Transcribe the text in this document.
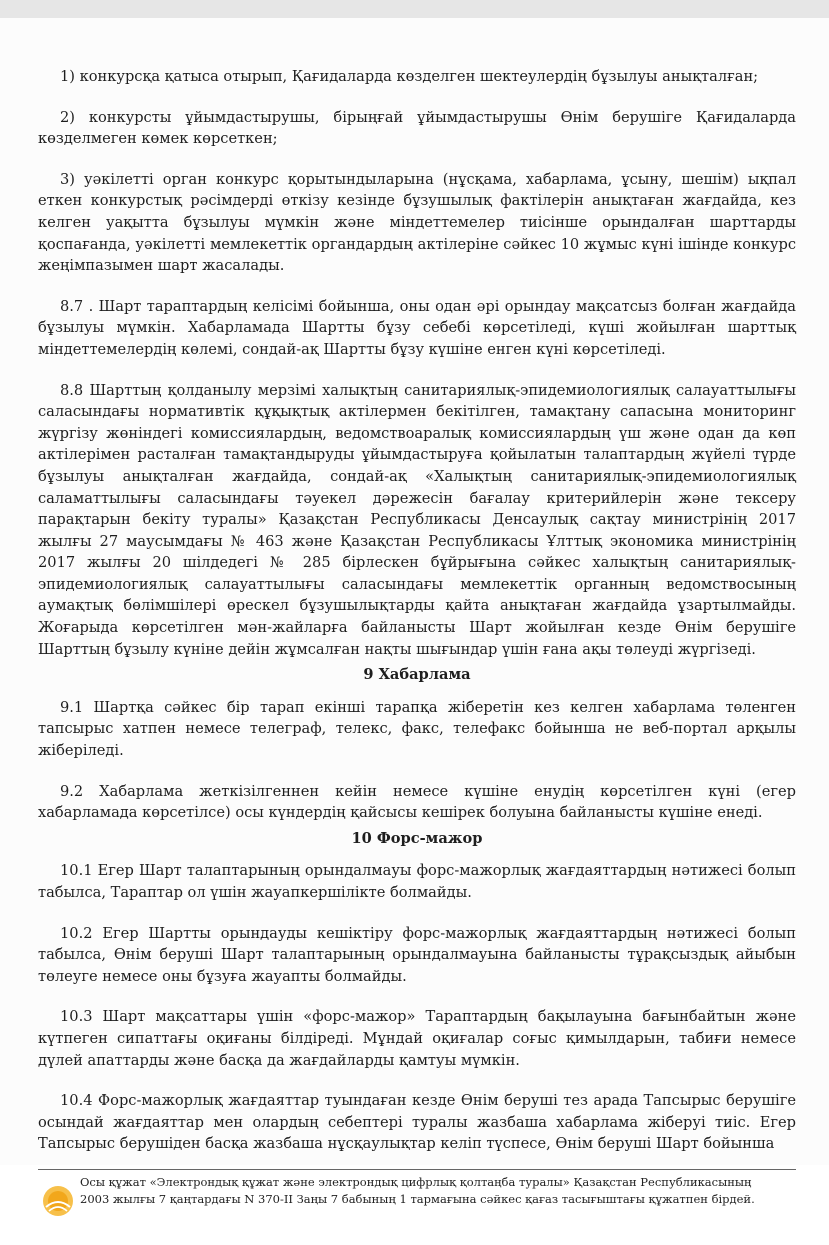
1) конкурсқа қатыса отырып, Қағидаларда көзделген шектеулердің бұзылуы анықталған;

2) конкурсты ұйымдастырушы, бірыңғай ұйымдастырушы Өнім берушіге Қағидаларда көзделмеген көмек көрсеткен;

3) уәкiлеттi орган конкурс қорытындыларына (нұсқама, хабарлама, ұсыну, шешім) ықпал еткен конкурстық рәсімдерді өткізу кезінде бұзушылық фактілерін анықтаған жағдайда, кез келген уақытта бұзылуы мүмкін және міндеттемелер тиісінше орындалған шарттарды қоспағанда, уәкілетті мемлекеттік органдардың актілеріне сәйкес 10 жұмыс күні ішінде конкурс жеңімпазымен шарт жасалады.

8.7 . Шарт тараптардың келісімі бойынша, оны одан әрі орындау мақсатсыз болған жағдайда бұзылуы мүмкін. Хабарламада Шартты бұзу себебі көрсетіледі, күші жойылған шарттық міндеттемелердің көлемі, сондай-ақ Шартты бұзу күшіне енген күні көрсетіледі.

8.8 Шарттың қолданылу мерзімі халықтың санитариялық-эпидемиологиялық салауаттылығы саласындағы нормативтік құқықтық актілермен бекітілген, тамақтану сапасына мониторинг жүргізу жөніндегі комиссиялардың, ведомствоаралық комиссиялардың үш және одан да көп актілерімен расталған тамақтандыруды ұйымдастыруға қойылатын талаптардың жүйелі түрде бұзылуы анықталған жағдайда, сондай-ақ «Халықтың санитариялық-эпидемиологиялық саламаттылығы саласындағы тәуекел дәрежесін бағалау критерийлерін және тексеру парақтарын бекіту туралы» Қазақстан Республикасы Денсаулық сақтау министрінің 2017 жылғы 27 маусымдағы № 463 және Қазақстан Республикасы Ұлттық экономика министрінің 2017 жылғы 20 шілдедегі № 285 бірлескен бұйрығына сәйкес халықтың санитариялық-эпидемиологиялық салауаттылығы саласындағы мемлекеттік органның ведомствосының аумақтық бөлімшілері өрескел бұзушылықтарды қайта анықтаған жағдайда ұзартылмайды. Жоғарыда көрсетілген мән-жайларға байланысты Шарт жойылған кезде Өнім берушіге Шарттың бұзылу күніне дейін жұмсалған нақты шығындар үшін ғана ақы төлеуді жүргізеді.

9 Хабарлама

9.1 Шартқа сәйкес бір тарап екінші тарапқа жіберетін кез келген хабарлама төленген тапсырыс хатпен немесе телеграф, телекс, факс, телефакс бойынша не веб-портал арқылы жіберіледі.

9.2 Хабарлама жеткізілгеннен кейін немесе күшіне енудің көрсетілген күні (егер хабарламада көрсетілсе) осы күндердің қайсысы кешірек болуына байланысты күшіне енеді.

10 Форс-мажор

10.1 Егер Шарт талаптарының орындалмауы форс-мажорлық жағдаяттардың нәтижесі болып табылса, Тараптар ол үшін жауапкершілікте болмайды.

10.2 Егер Шартты орындауды кешіктіру форс-мажорлық жағдаяттардың нәтижесі болып табылса, Өнім беруші Шарт талаптарының орындалмауына байланысты тұрақсыздық айыбын төлеуге немесе оны бұзуға жауапты болмайды.

10.3 Шарт мақсаттары үшін «форс-мажор» Тараптардың бақылауына бағынбайтын және күтпеген сипаттағы оқиғаны білдіреді. Мұндай оқиғалар соғыс қимылдарын, табиғи немесе дүлей апаттарды және басқа да жағдайларды қамтуы мүмкін.

10.4 Форс-мажорлық жағдаяттар туындаған кезде Өнім беруші тез арада Тапсырыс берушіге осындай жағдаяттар мен олардың себептері туралы жазбаша хабарлама жіберуі тиіс. Егер Тапсырыс берушіден басқа жазбаша нұсқаулықтар келіп түспесе, Өнім беруші Шарт бойынша

Осы құжат «Электрондық құжат және электрондық цифрлық қолтаңба туралы» Қазақстан Республикасының 2003 жылғы 7 қаңтардағы N 370-II Заңы 7 бабының 1 тармағына сәйкес қағаз тасығыштағы құжатпен бірдей.
